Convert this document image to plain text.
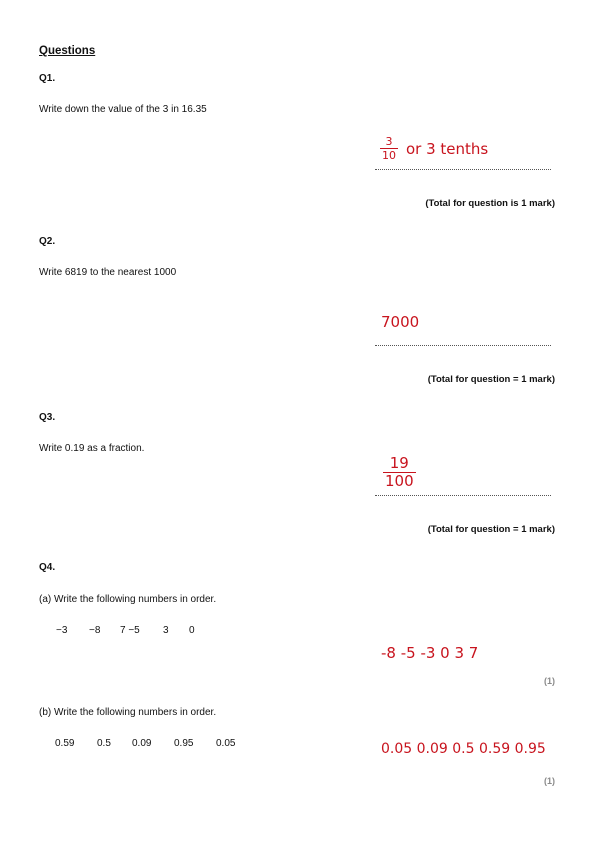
Questions
Q1.
Write down the value of the 3 in 16.35
$\frac{3}{10}$ or 3 tenths
(Total for question is 1 mark)
Q2.
Write 6819 to the nearest 1000
7000
(Total for question = 1 mark)
Q3.
Write 0.19 as a fraction.
$\frac{19}{100}$
(Total for question = 1 mark)
Q4.
(a) Write the following numbers in order.
−3	−8	7 −5	3	0
-8 -5 -3 0 3 7
(1)
(b) Write the following numbers in order.
0.59	0.5	0.09	0.95	0.05	0.05 0.09 0.5 0.59 0.95
(1)
